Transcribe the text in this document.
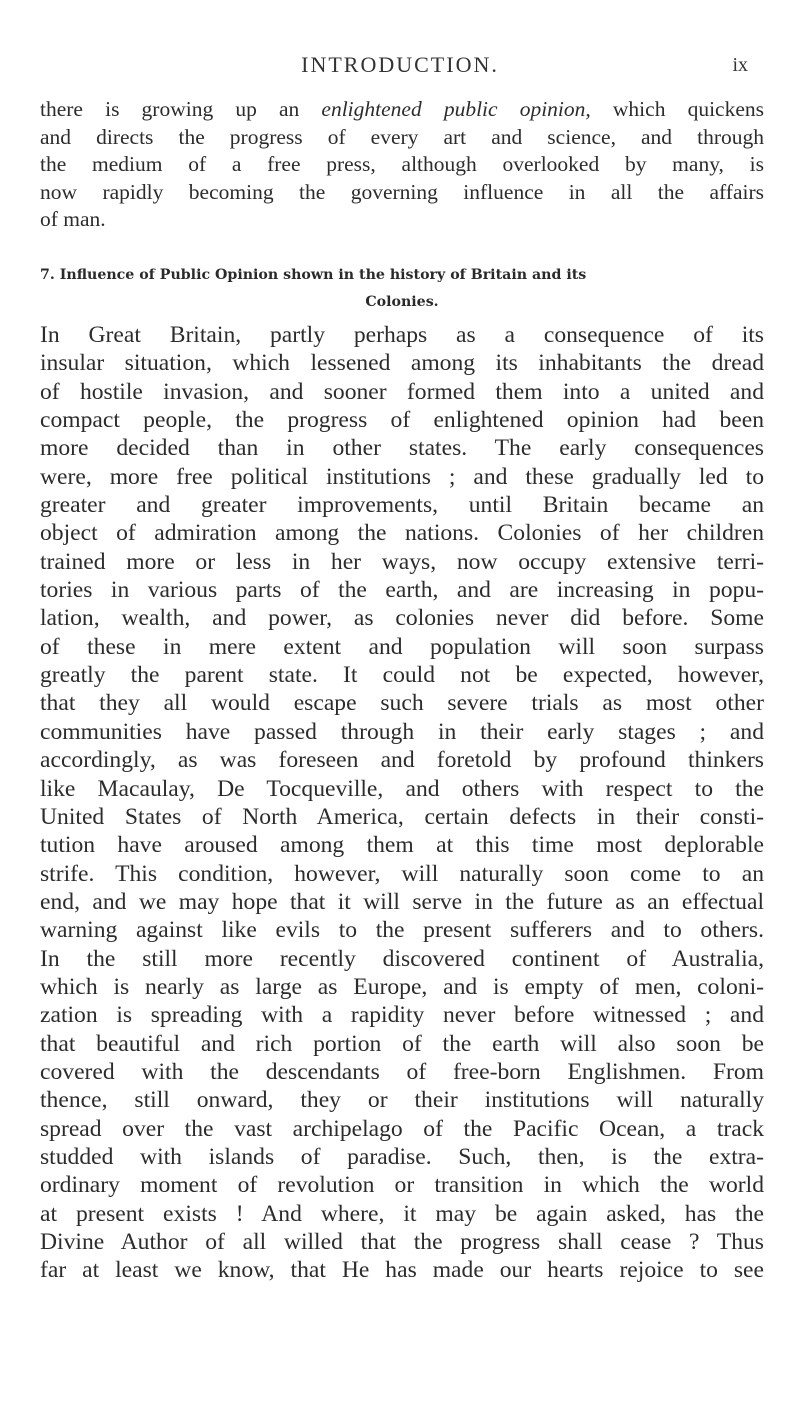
INTRODUCTION.	ix
there is growing up an enlightened public opinion, which quickens
and directs the progress of every art and science, and through
the medium of a free press, although overlooked by many, is
now rapidly becoming the governing influence in all the affairs
of man.
7. Influence of Public Opinion shown in the history of Britain and its
Colonies.
In Great Britain, partly perhaps as a consequence of its
insular situation, which lessened among its inhabitants the dread
of hostile invasion, and sooner formed them into a united and
compact people, the progress of enlightened opinion had been
more decided than in other states. The early consequences
were, more free political institutions ; and these gradually led to
greater and greater improvements, until Britain became an
object of admiration among the nations. Colonies of her children
trained more or less in her ways, now occupy extensive terri-
tories in various parts of the earth, and are increasing in popu-
lation, wealth, and power, as colonies never did before. Some
of these in mere extent and population will soon surpass
greatly the parent state. It could not be expected, however,
that they all would escape such severe trials as most other
communities have passed through in their early stages ; and
accordingly, as was foreseen and foretold by profound thinkers
like Macaulay, De Tocqueville, and others with respect to the
United States of North America, certain defects in their consti-
tution have aroused among them at this time most deplorable
strife. This condition, however, will naturally soon come to an
end, and we may hope that it will serve in the future as an effectual
warning against like evils to the present sufferers and to others.
In the still more recently discovered continent of Australia,
which is nearly as large as Europe, and is empty of men, coloni-
zation is spreading with a rapidity never before witnessed ; and
that beautiful and rich portion of the earth will also soon be
covered with the descendants of free-born Englishmen. From
thence, still onward, they or their institutions will naturally
spread over the vast archipelago of the Pacific Ocean, a track
studded with islands of paradise. Such, then, is the extra-
ordinary moment of revolution or transition in which the world
at present exists ! And where, it may be again asked, has the
Divine Author of all willed that the progress shall cease ? Thus
far at least we know, that He has made our hearts rejoice to see
